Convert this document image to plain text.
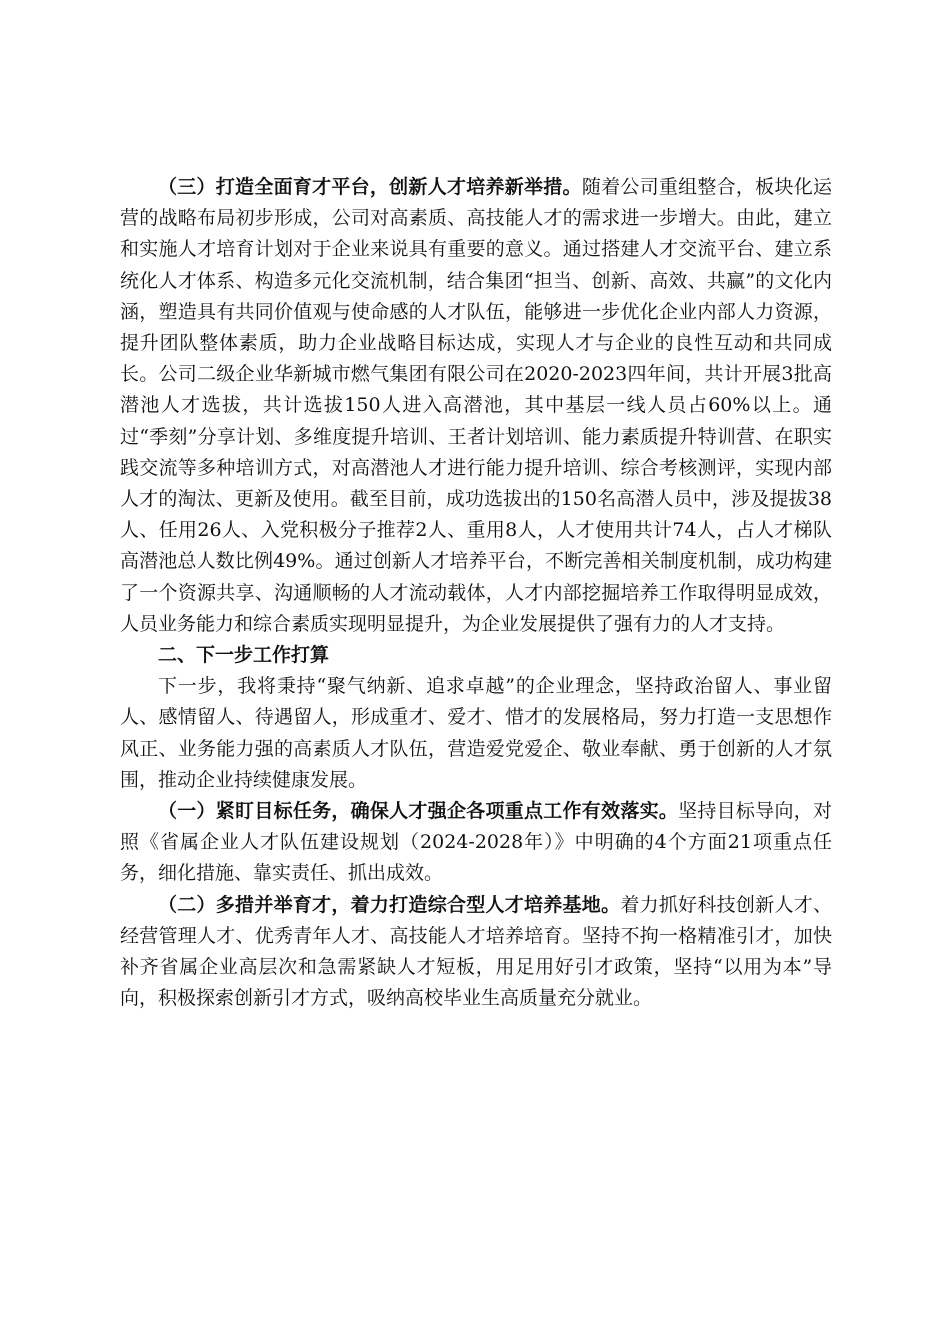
（三）打造全面育才平台，创新人才培养新举措。随着公司重组整合，板块化运营的战略布局初步形成，公司对高素质、高技能人才的需求进一步增大。由此，建立和实施人才培育计划对于企业来说具有重要的意义。通过搭建人才交流平台、建立系统化人才体系、构造多元化交流机制，结合集团“担当、创新、高效、共赢”的文化内涵，塑造具有共同价值观与使命感的人才队伍，能够进一步优化企业内部人力资源，提升团队整体素质，助力企业战略目标达成，实现人才与企业的良性互动和共同成长。公司二级企业华新城市燃气集团有限公司在2020-2023四年间，共计开展3批高潜池人才选拔，共计选拔150人进入高潜池，其中基层一线人员占60%以上。通过“季刻”分享计划、多维度提升培训、王者计划培训、能力素质提升特训营、在职实践交流等多种培训方式，对高潜池人才进行能力提升培训、综合考核测评，实现内部人才的淘汰、更新及使用。截至目前，成功选拔出的150名高潜人员中，涉及提拔38人、任用26人、入党积极分子推荐2人、重用8人，人才使用共计74人，占人才梯队高潜池总人数比例49%。通过创新人才培养平台，不断完善相关制度机制，成功构建了一个资源共享、沟通顺畅的人才流动载体，人才内部挖掘培养工作取得明显成效，人员业务能力和综合素质实现明显提升，为企业发展提供了强有力的人才支持。

二、下一步工作打算

下一步，我将秉持“聚气纳新、追求卓越”的企业理念，坚持政治留人、事业留人、感情留人、待遇留人，形成重才、爱才、惜才的发展格局，努力打造一支思想作风正、业务能力强的高素质人才队伍，营造爱党爱企、敬业奉献、勇于创新的人才氛围，推动企业持续健康发展。

（一）紧盯目标任务，确保人才强企各项重点工作有效落实。坚持目标导向，对照《省属企业人才队伍建设规划（2024-2028年）》中明确的4个方面21项重点任务，细化措施、靠实责任、抓出成效。

（二）多措并举育才，着力打造综合型人才培养基地。着力抓好科技创新人才、经营管理人才、优秀青年人才、高技能人才培养培育。坚持不拘一格精准引才，加快补齐省属企业高层次和急需紧缺人才短板，用足用好引才政策，坚持“以用为本”导向，积极探索创新引才方式，吸纳高校毕业生高质量充分就业。
